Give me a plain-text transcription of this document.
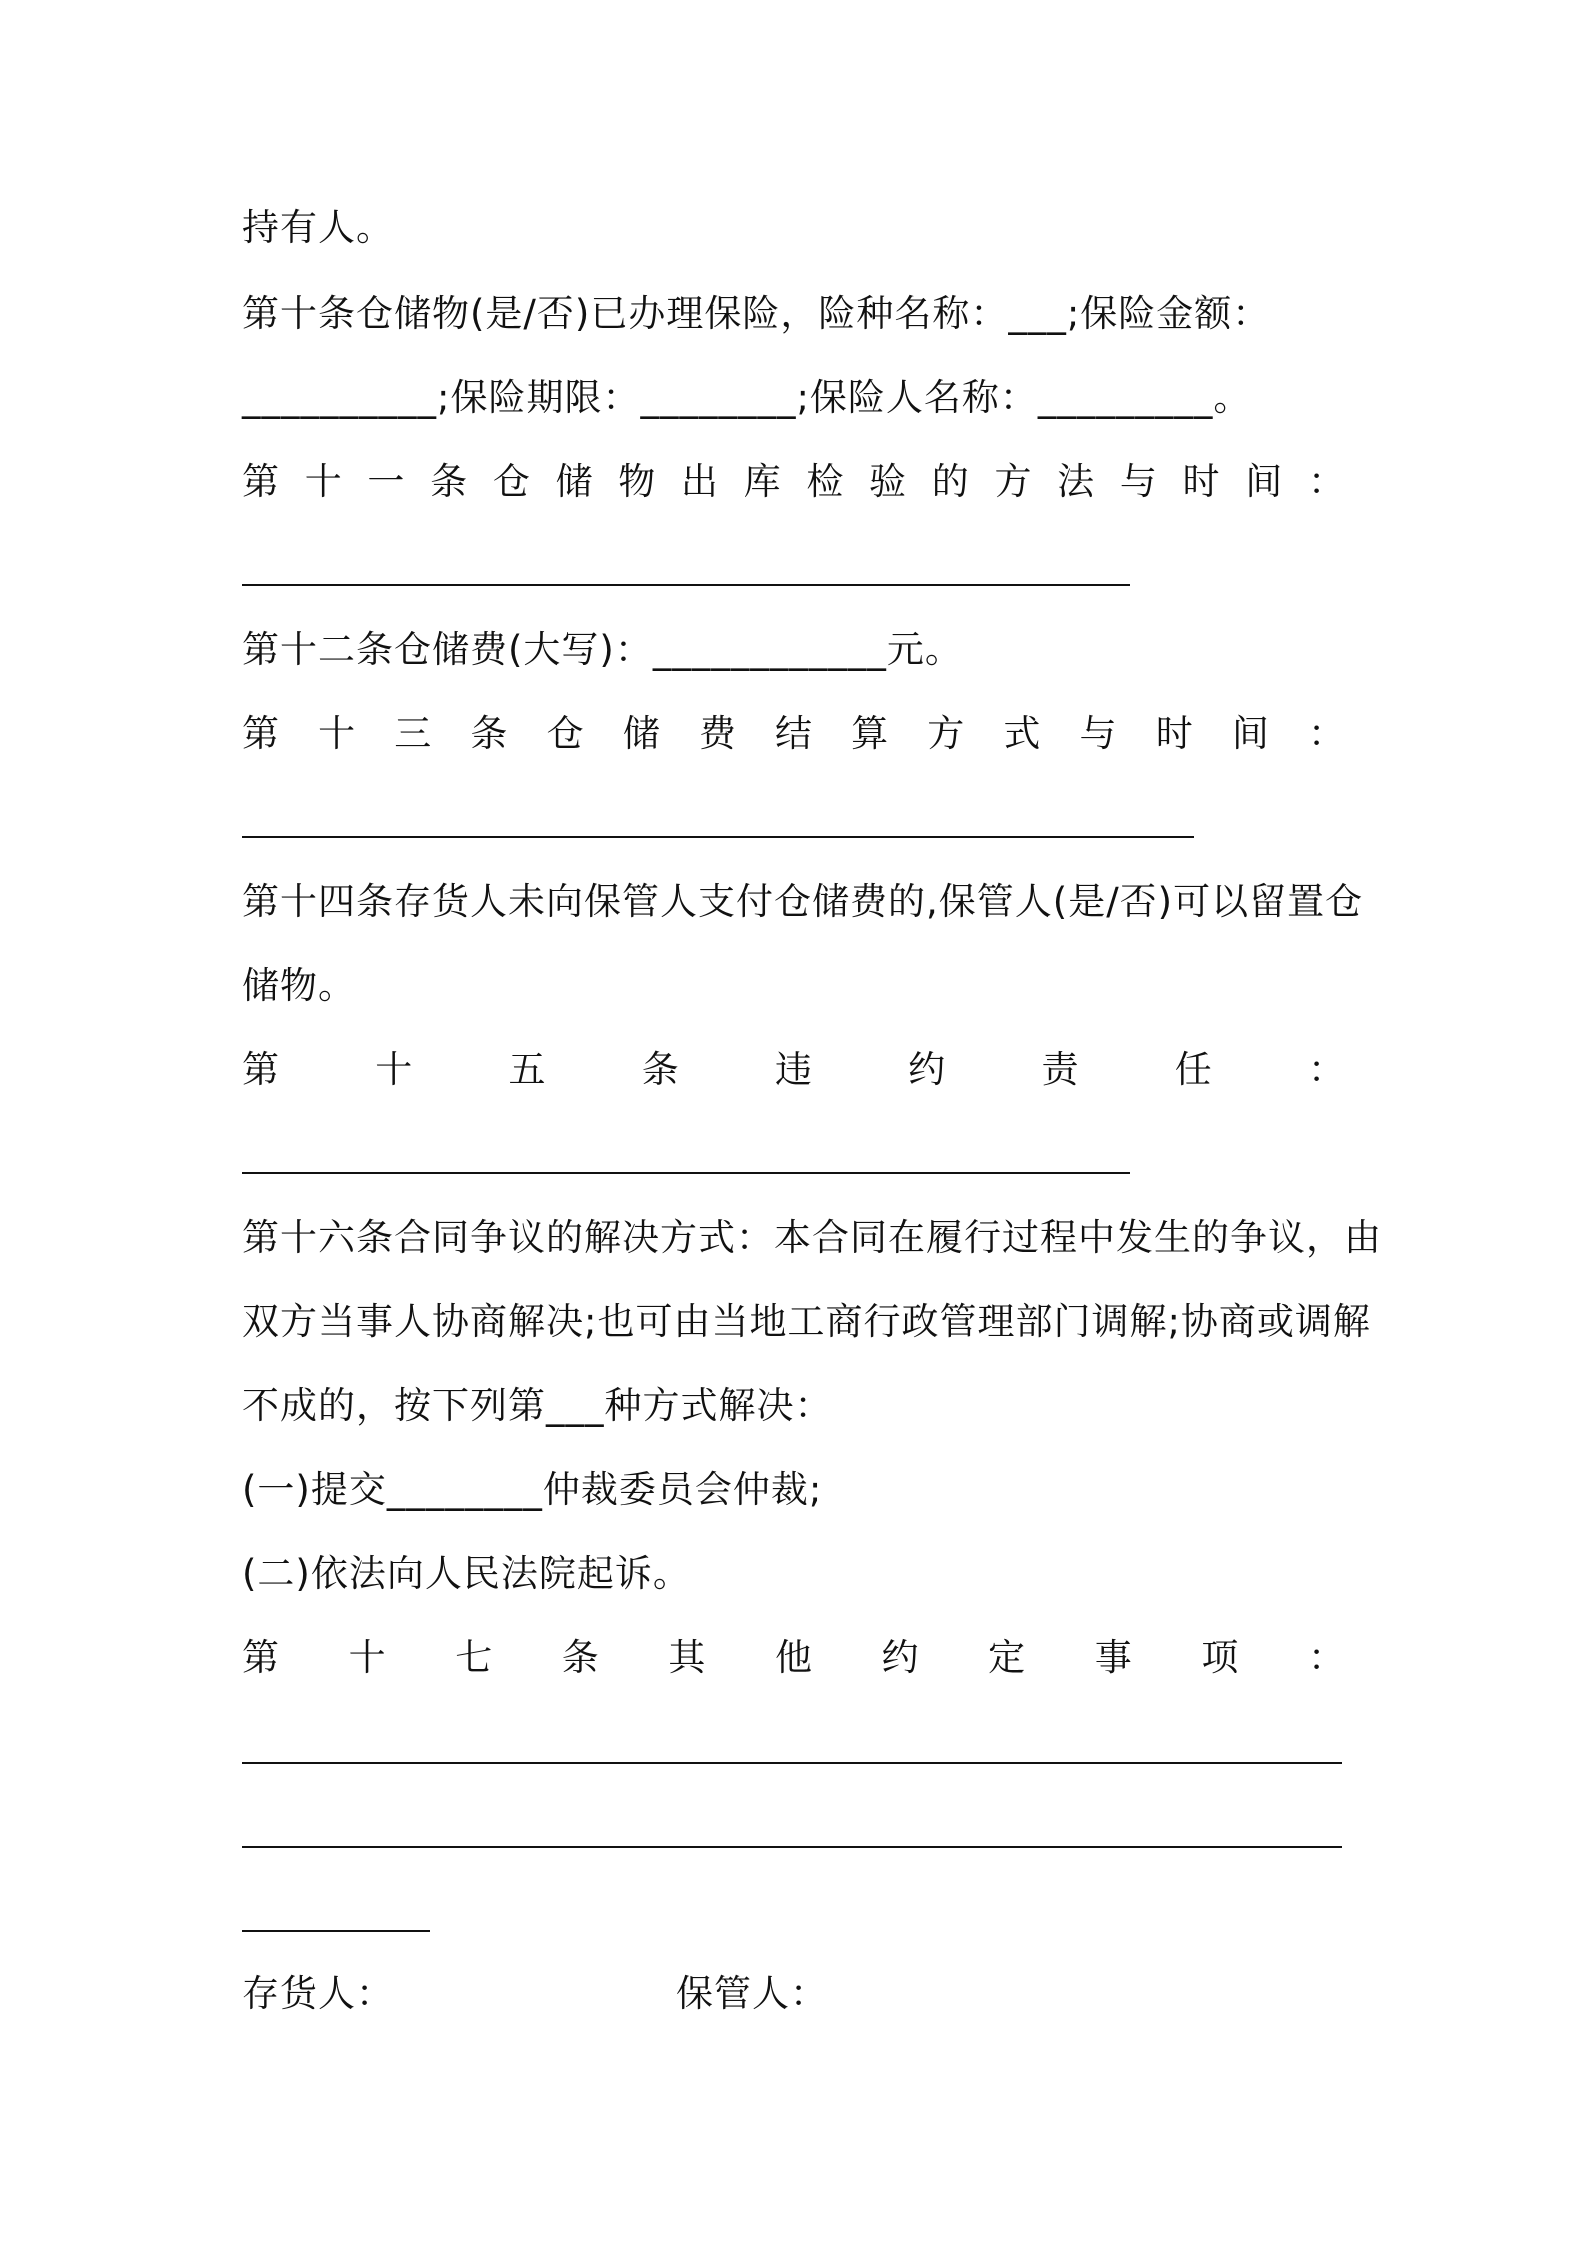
持有人。
第十条仓储物(是/否)已办理保险，险种名称：___;保险金额：
__________;保险期限：________;保险人名称：_________。
第 十 一 条 仓 储 物 出 库 检 验 的 方 法 与 时 间 ：
第十二条仓储费(大写)：____________元。
第 十 三 条 仓 储 费 结 算 方 式 与 时 间 ：
第十四条存货人未向保管人支付仓储费的,保管人(是/否)可以留置仓
储物。
第	十	五	条	违	约	责	任	：
第十六条合同争议的解决方式：本合同在履行过程中发生的争议，由
双方当事人协商解决;也可由当地工商行政管理部门调解;协商或调解
不成的，按下列第___种方式解决：
(一)提交________仲裁委员会仲裁;
(二)依法向人民法院起诉。
第 十 七 条 其 他 约 定 事 项 ：
存货人：	保管人：
